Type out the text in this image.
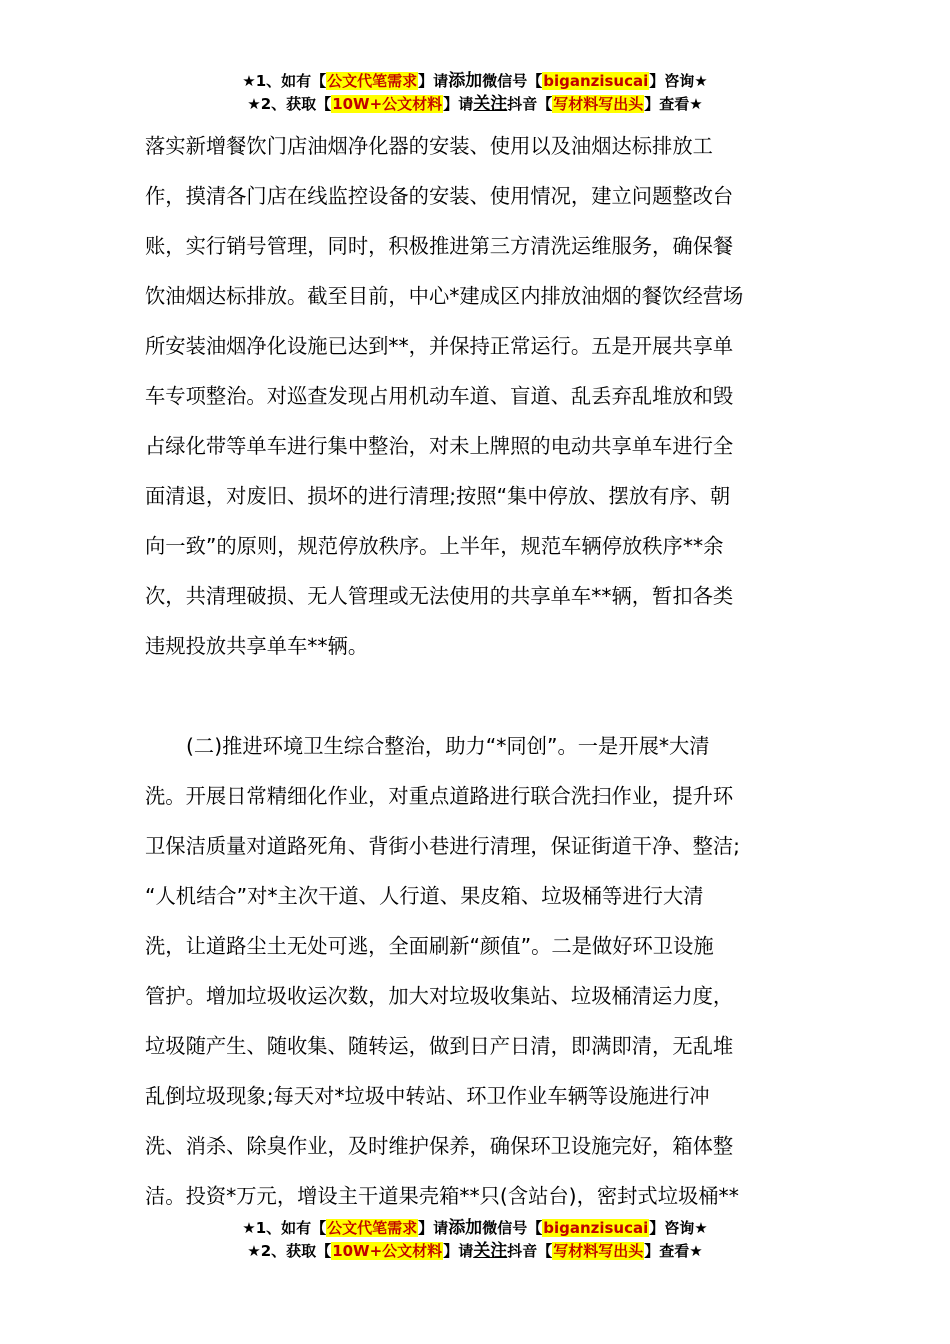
★1、如有【公文代笔需求】请添加微信号【biganzisucai】咨询★
★2、获取【10W+公文材料】请关注抖音【写材料写出头】查看★
落实新增餐饮门店油烟净化器的安装、使用以及油烟达标排放工
作，摸清各门店在线监控设备的安装、使用情况，建立问题整改台
账，实行销号管理，同时，积极推进第三方清洗运维服务，确保餐
饮油烟达标排放。截至目前，中心*建成区内排放油烟的餐饮经营场
所安装油烟净化设施已达到**，并保持正常运行。五是开展共享单
车专项整治。对巡查发现占用机动车道、盲道、乱丢弃乱堆放和毁
占绿化带等单车进行集中整治，对未上牌照的电动共享单车进行全
面清退，对废旧、损坏的进行清理;按照“集中停放、摆放有序、朝
向一致”的原则，规范停放秩序。上半年，规范车辆停放秩序**余
次，共清理破损、无人管理或无法使用的共享单车**辆，暂扣各类
违规投放共享单车**辆。
(二)推进环境卫生综合整治，助力“*同创”。一是开展*大清
洗。开展日常精细化作业，对重点道路进行联合洗扫作业，提升环
卫保洁质量对道路死角、背街小巷进行清理，保证街道干净、整洁;
“人机结合”对*主次干道、人行道、果皮箱、垃圾桶等进行大清
洗，让道路尘土无处可逃，全面刷新“颜值”。二是做好环卫设施
管护。增加垃圾收运次数，加大对垃圾收集站、垃圾桶清运力度，
垃圾随产生、随收集、随转运，做到日产日清，即满即清，无乱堆
乱倒垃圾现象;每天对*垃圾中转站、环卫作业车辆等设施进行冲
洗、消杀、除臭作业，及时维护保养，确保环卫设施完好，箱体整
洁。投资*万元，增设主干道果壳箱**只(含站台)，密封式垃圾桶**
★1、如有【公文代笔需求】请添加微信号【biganzisucai】咨询★
★2、获取【10W+公文材料】请关注抖音【写材料写出头】查看★
